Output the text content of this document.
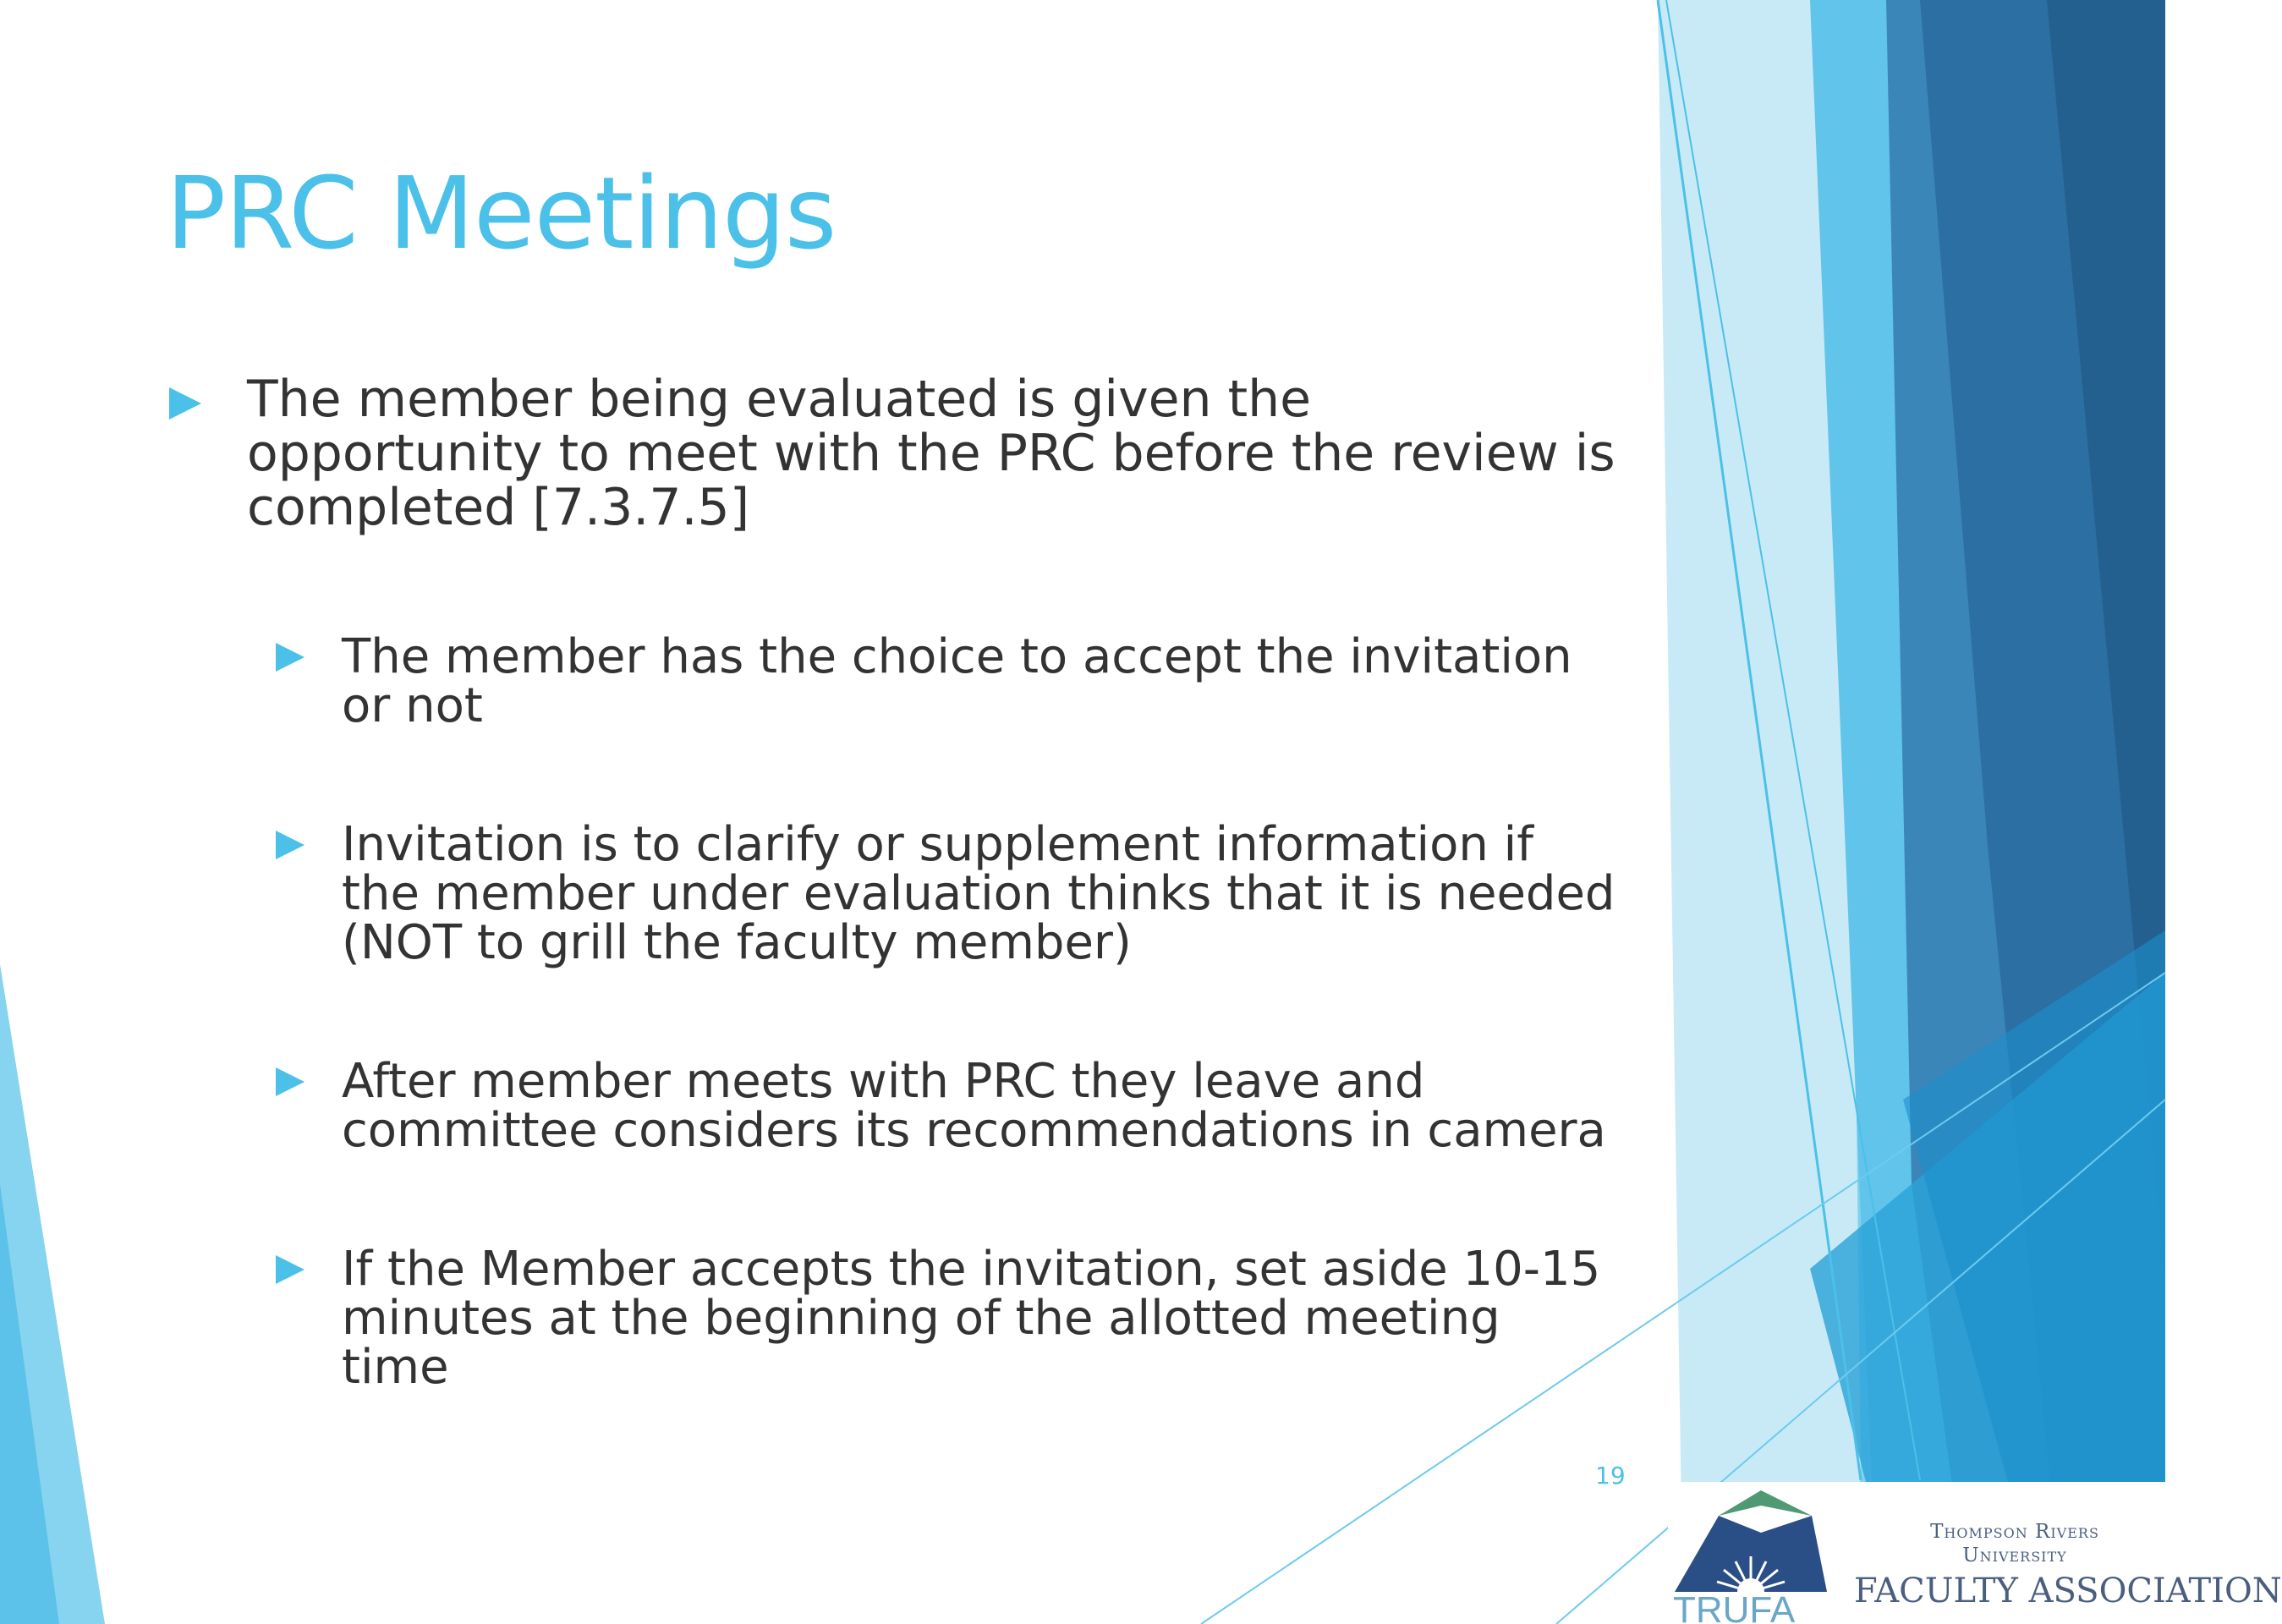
PRC Meetings
The member being evaluated is given the opportunity to meet with the PRC before the review is completed [7.3.7.5]
The member has the choice to accept the invitation or not
Invitation is to clarify or supplement information if the member under evaluation thinks that it is needed (NOT to grill the faculty member)
After member meets with PRC they leave and committee considers its recommendations in camera
If the Member accepts the invitation, set aside 10-15 minutes at the beginning of the allotted meeting time
19
TRUFA
Thompson Rivers
University
FACULTY ASSOCIATION
